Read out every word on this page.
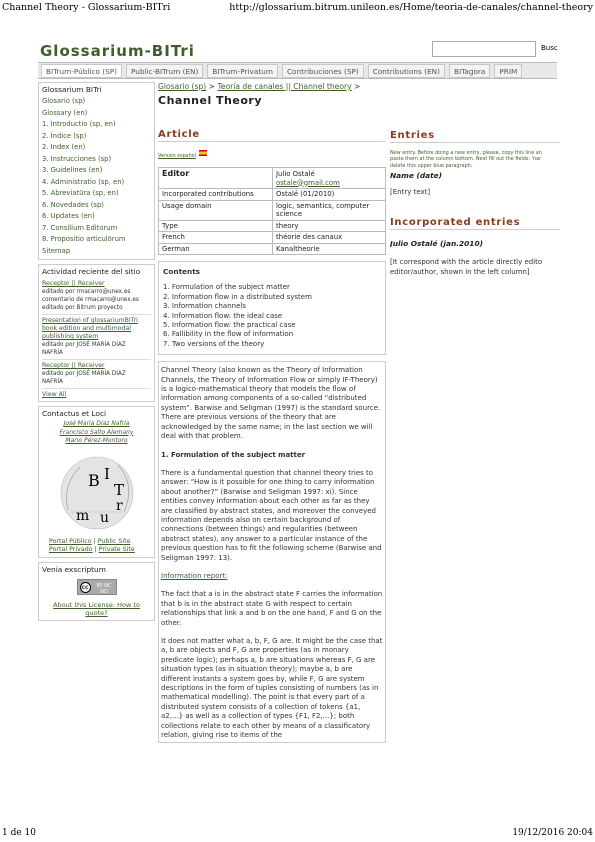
Channel Theory - Glossarium-BITri	http://glossarium.bitrum.unileon.es/Home/teoria-de-canales/channel-theory
Glossarium-BITri	Busc
BITrum-Público (SP) Public-BITrum (EN) BITrum-Privatum Contribuciones (SP) Contributions (EN) BITagora PRIM
Glossarium BITri
Glosario (sp)
Glossary (en)
1. Introductio (sp, en)
2. Índice (sp)
2. Index (en)
3. Instrucciones (sp)
3. Guidelines (en)
4. Administratio (sp, en)
5. Abreviatūra (sp, en)
6. Novedades (sp)
6. Updates (en)
7. Consilium Editorum
8. Propositio articulōrum
Sitemap
Actividad reciente del sitio
Receptor || Receiver
editado por rmacarro@unex.es
comentario de rmacarro@unex.es
editado por Bitrum proyecto
Presentation of glossariumBITri book edition and multimodal publishing system
editado por JOSÉ MARÍA DÍAZ
NAFRÍA
Receptor || Receiver
editado por JOSÉ MARÍA DÍAZ
NAFRÍA
View All
Contactus et Loci
José María Díaz Nafría
Francisco Salto Alemany
Mario Pérez-Montoro
B I
T
r
u
m
Portal Público | Public Site
Portal Privado | Private Site
Venia exscriptum
cc	BY NC ND
About this License: How to quote?
Glosario (sp) > Teoría de canales || Channel theory >
Channel Theory
Article
Version español
Editor	Julio Ostalé
ostale@gmail.com
Incorporated contributions	Ostalé (01/2010)
Usage domain	logic, semantics, computer science
Type	theory
French	théorie des canaux
German	Kanaltheorie
Contents
1. Formulation of the subject matter
2. Information flow in a distributed system
3. Information channels
4. Information flow: the ideal case
5. Information flow: the practical case
6. Fallibility in the flow of information
7. Two versions of the theory

Channel Theory (also known as the Theory of Information Channels, the Theory of Information Flow or simply IF-Theory) is a logico-mathematical theory that models the flow of information among components of a so-called “distributed system”. Barwise and Seligman (1997) is the standard source. There are previous versions of the theory that are acknowledged by the same name; in the last section we will deal with that problem.

1. Formulation of the subject matter

There is a fundamental question that channel theory tries to answer: “How is it possible for one thing to carry information about another?” (Barwise and Seligman 1997: xi). Since entities convey information about each other as far as they are classified by abstract states, and moreover the conveyed information depends also on certain background of connections (between things) and regularities (between abstract states), any answer to a particular instance of the previous question has to fit the following scheme (Barwise and Seligman 1997: 13).

Information report:

The fact that a is in the abstract state F carries the information that b is in the abstract state G with respect to certain relationships that link a and b on the one hand, F and G on the other.

It does not matter what a, b, F, G are. It might be the case that a, b are objects and F, G are properties (as in monary predicate logic); perhaps a, b are situations whereas F, G are situation types (as in situation theory); maybe a, b are different instants a system goes by, while F, G are system descriptions in the form of tuples consisting of numbers (as in mathematical modelling). The point is that every part of a distributed system consists of a collection of tokens {a1, a2,...} as well as a collection of types {F1, F2,...}; both collections relate to each other by means of a classificatory relation, giving rise to items of the

Entries
New entry. Before doing a new entry, please, copy this line an
paste them at the column bottom. Next fill out the fields: 'nar
delete this upper blue paragraph.
Name (date)
[Entry text]
Incorporated entries
Julio Ostalé (jan.2010)
[It correspond with the article directly edito editor/author, shown in the left column]
1 de 10	19/12/2016 20:04
